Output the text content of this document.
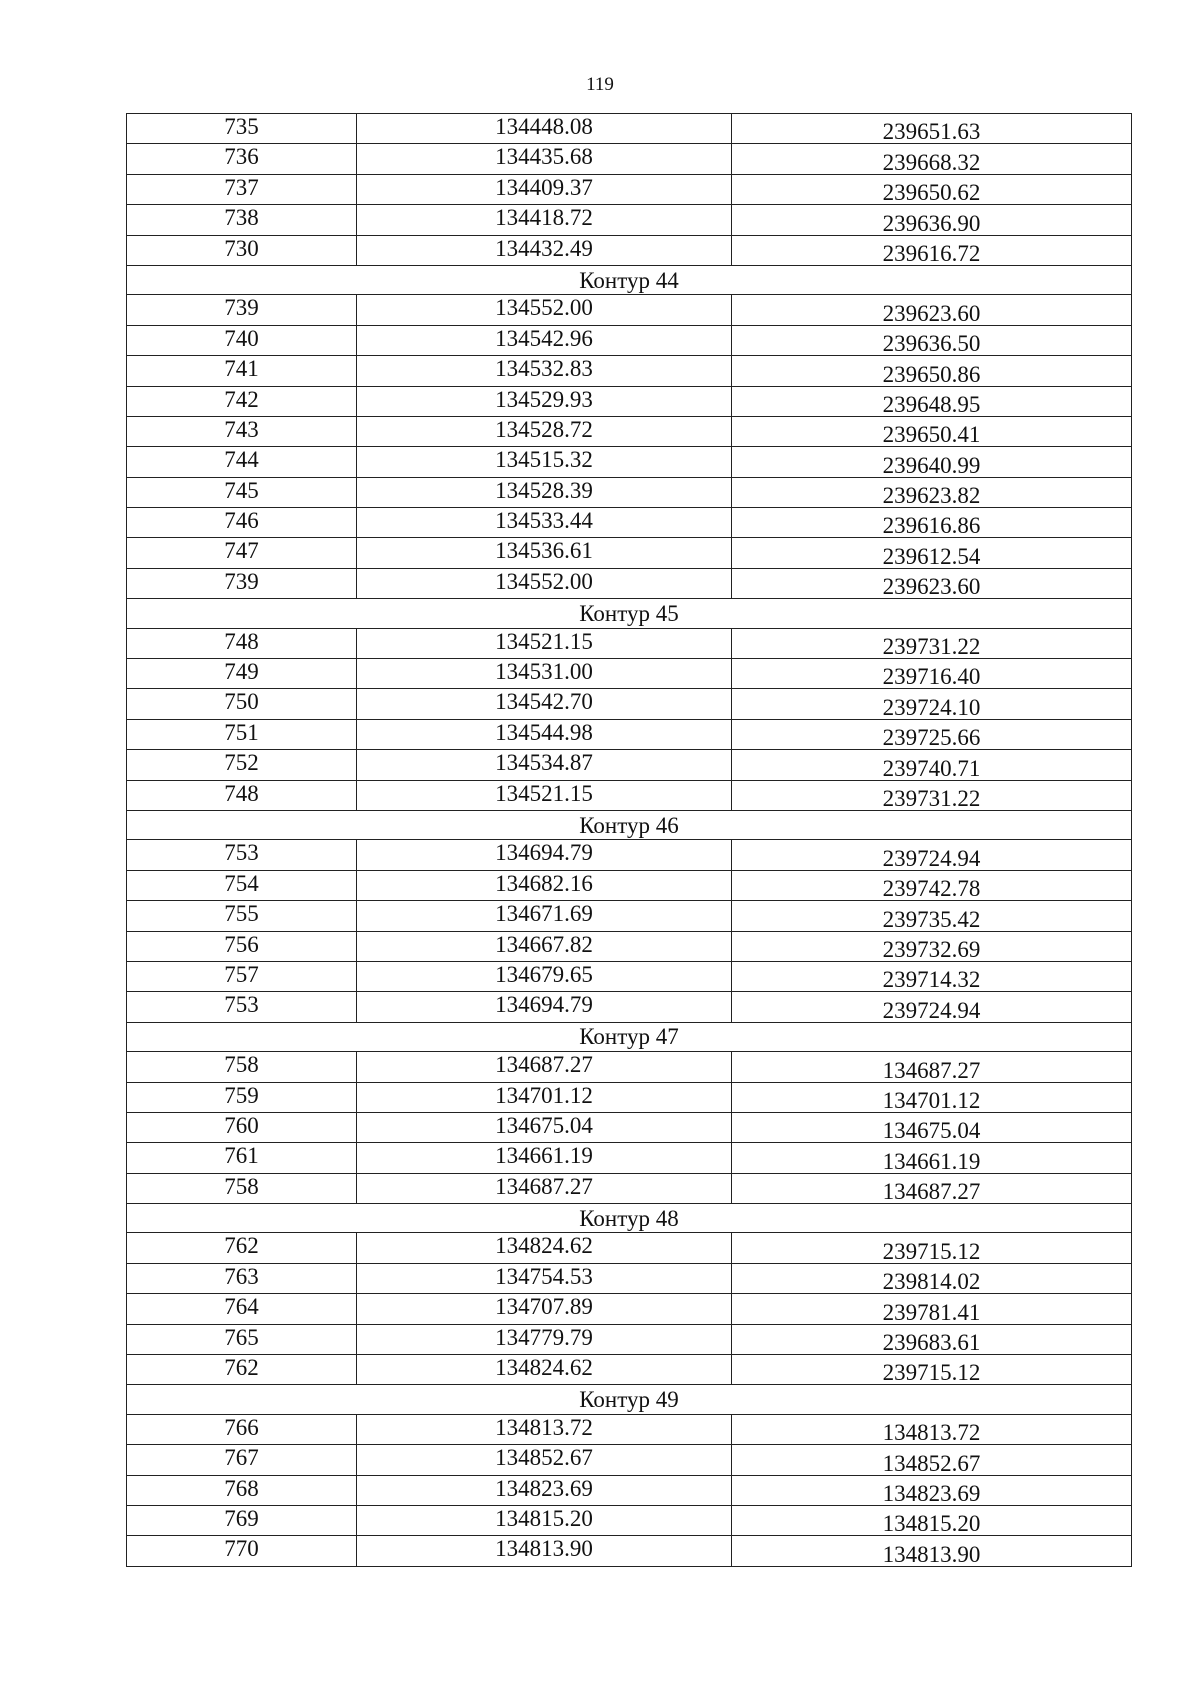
119
735	134448.08	239651.63
736	134435.68	239668.32
737	134409.37	239650.62
738	134418.72	239636.90
730	134432.49	239616.72
Контур 44		
739	134552.00	239623.60
740	134542.96	239636.50
741	134532.83	239650.86
742	134529.93	239648.95
743	134528.72	239650.41
744	134515.32	239640.99
745	134528.39	239623.82
746	134533.44	239616.86
747	134536.61	239612.54
739	134552.00	239623.60
Контур 45		
748	134521.15	239731.22
749	134531.00	239716.40
750	134542.70	239724.10
751	134544.98	239725.66
752	134534.87	239740.71
748	134521.15	239731.22
Контур 46		
753	134694.79	239724.94
754	134682.16	239742.78
755	134671.69	239735.42
756	134667.82	239732.69
757	134679.65	239714.32
753	134694.79	239724.94
Контур 47		
758	134687.27	134687.27
759	134701.12	134701.12
760	134675.04	134675.04
761	134661.19	134661.19
758	134687.27	134687.27
Контур 48		
762	134824.62	239715.12
763	134754.53	239814.02
764	134707.89	239781.41
765	134779.79	239683.61
762	134824.62	239715.12
Контур 49		
766	134813.72	134813.72
767	134852.67	134852.67
768	134823.69	134823.69
769	134815.20	134815.20
770	134813.90	134813.90
